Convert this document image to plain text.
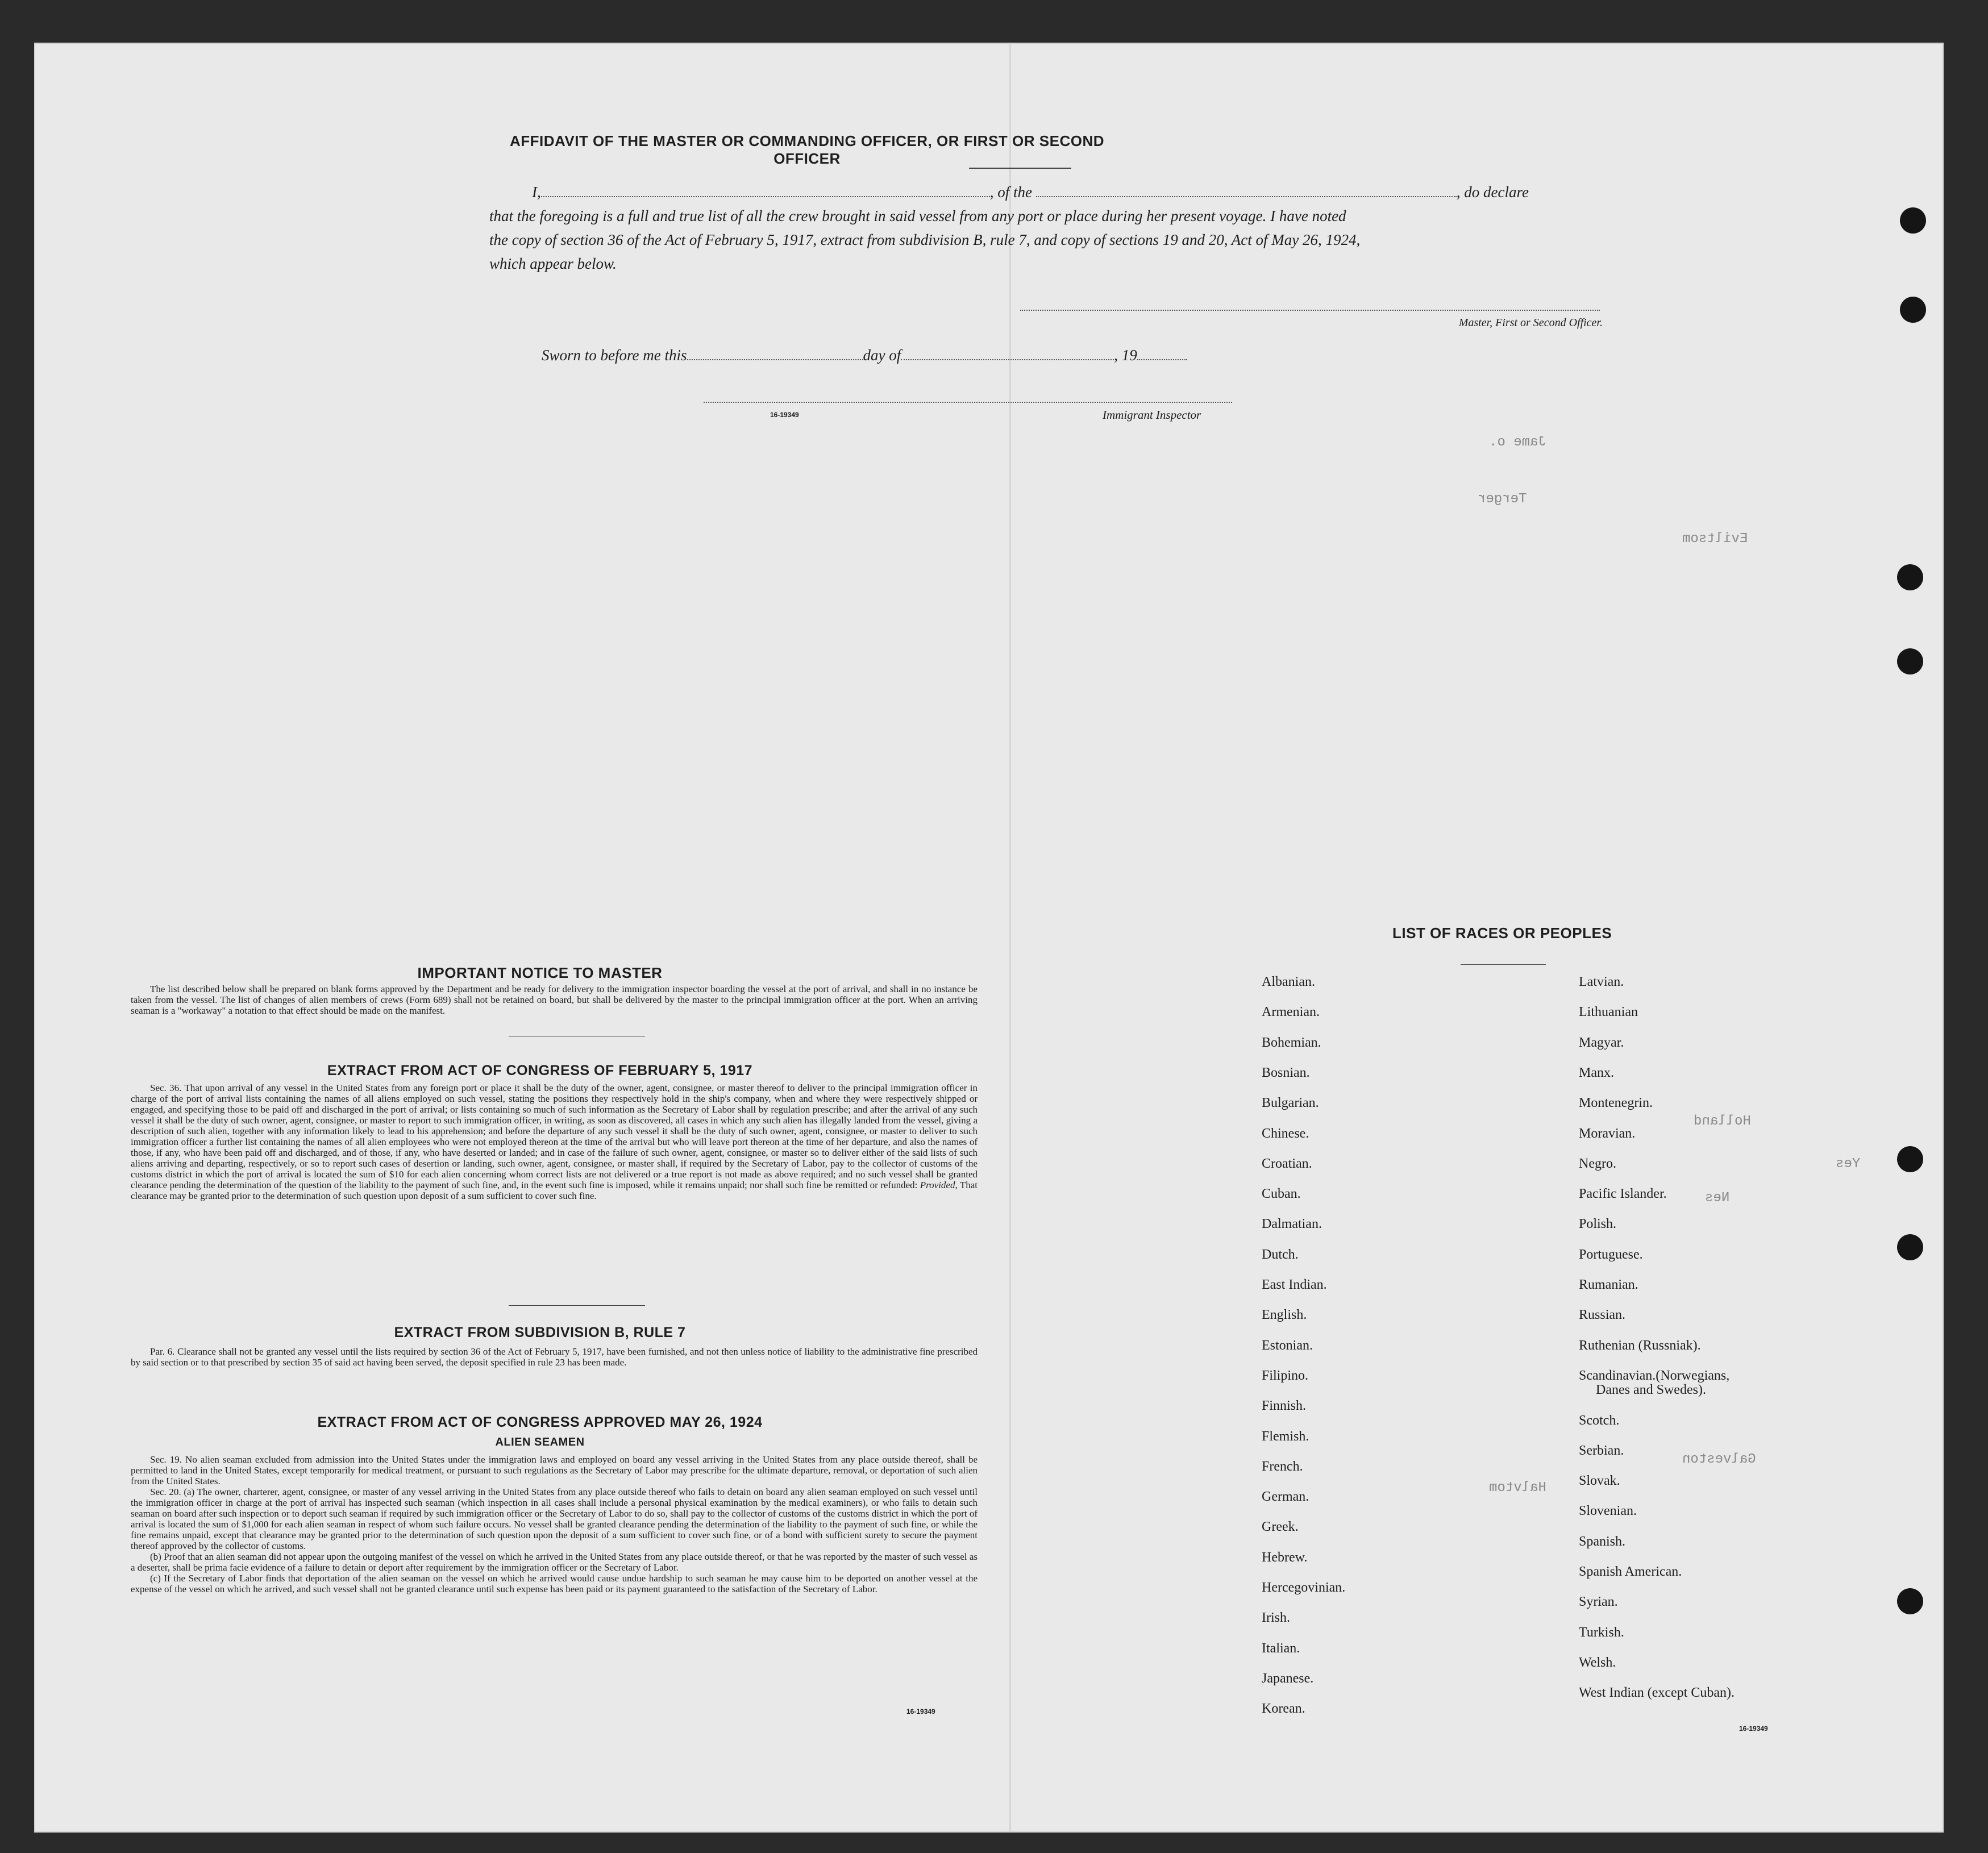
AFFIDAVIT OF THE MASTER OR COMMANDING OFFICER, OR FIRST OR SECOND OFFICER
I,	, of the	, do declare
that the foregoing is a full and true list of all the crew brought in said vessel from any port or place during her present voyage. I have noted
the copy of section 36 of the Act of February 5, 1917, extract from subdivision B, rule 7, and copy of sections 19 and 20, Act of May 26, 1924,
which appear below.
Master, First or Second Officer.
Sworn to before me this	day of	, 19
16-19349	Immigrant Inspector
Jame o.
Terger
Eviltsom
Holland
Yes
Nes
Galveston
Halvtom
IMPORTANT NOTICE TO MASTER

The list described below shall be prepared on blank forms approved by the Department and be ready for delivery to the immigration inspector boarding the vessel at the port of arrival, and shall in no instance be taken from the vessel. The list of changes of alien members of crews (Form 689) shall not be retained on board, but shall be delivered by the master to the principal immigration officer at the port. When an arriving seaman is a "workaway" a notation to that effect should be made on the manifest.

EXTRACT FROM ACT OF CONGRESS OF FEBRUARY 5, 1917

Sec. 36. That upon arrival of any vessel in the United States from any foreign port or place it shall be the duty of the owner, agent, consignee, or master thereof to deliver to the principal immigration officer in charge of the port of arrival lists containing the names of all aliens employed on such vessel, stating the positions they respectively hold in the ship's company, when and where they were respectively shipped or engaged, and specifying those to be paid off and discharged in the port of arrival; or lists containing so much of such information as the Secretary of Labor shall by regulation prescribe; and after the arrival of any such vessel it shall be the duty of such owner, agent, consignee, or master to report to such immigration officer, in writing, as soon as discovered, all cases in which any such alien has illegally landed from the vessel, giving a description of such alien, together with any information likely to lead to his apprehension; and before the departure of any such vessel it shall be the duty of such owner, agent, consignee, or master to deliver to such immigration officer a further list containing the names of all alien employees who were not employed thereon at the time of the arrival but who will leave port thereon at the time of her departure, and also the names of those, if any, who have been paid off and discharged, and of those, if any, who have deserted or landed; and in case of the failure of such owner, agent, consignee, or master so to deliver either of the said lists of such aliens arriving and departing, respectively, or so to report such cases of desertion or landing, such owner, agent, consignee, or master shall, if required by the Secretary of Labor, pay to the collector of customs of the customs district in which the port of arrival is located the sum of $10 for each alien concerning whom correct lists are not delivered or a true report is not made as above required; and no such vessel shall be granted clearance pending the determination of the question of the liability to the payment of such fine, and, in the event such fine is imposed, while it remains unpaid; nor shall such fine be remitted or refunded: Provided, That clearance may be granted prior to the determination of such question upon deposit of a sum sufficient to cover such fine.

EXTRACT FROM SUBDIVISION B, RULE 7

Par. 6. Clearance shall not be granted any vessel until the lists required by section 36 of the Act of February 5, 1917, have been furnished, and not then unless notice of liability to the administrative fine prescribed by said section or to that prescribed by section 35 of said act having been served, the deposit specified in rule 23 has been made.

EXTRACT FROM ACT OF CONGRESS APPROVED MAY 26, 1924
ALIEN SEAMEN

Sec. 19. No alien seaman excluded from admission into the United States under the immigration laws and employed on board any vessel arriving in the United States from any place outside thereof, shall be permitted to land in the United States, except temporarily for medical treatment, or pursuant to such regulations as the Secretary of Labor may prescribe for the ultimate departure, removal, or deportation of such alien from the United States.

Sec. 20. (a) The owner, charterer, agent, consignee, or master of any vessel arriving in the United States from any place outside thereof who fails to detain on board any alien seaman employed on such vessel until the immigration officer in charge at the port of arrival has inspected such seaman (which inspection in all cases shall include a personal physical examination by the medical examiners), or who fails to detain such seaman on board after such inspection or to deport such seaman if required by such immigration officer or the Secretary of Labor to do so, shall pay to the collector of customs of the customs district in which the port of arrival is located the sum of $1,000 for each alien seaman in respect of whom such failure occurs. No vessel shall be granted clearance pending the determination of the liability to the payment of such fine, or while the fine remains unpaid, except that clearance may be granted prior to the determination of such question upon the deposit of a sum sufficient to cover such fine, or of a bond with sufficient surety to secure the payment thereof approved by the collector of customs.

(b) Proof that an alien seaman did not appear upon the outgoing manifest of the vessel on which he arrived in the United States from any place outside thereof, or that he was reported by the master of such vessel as a deserter, shall be prima facie evidence of a failure to detain or deport after requirement by the immigration officer or the Secretary of Labor.

(c) If the Secretary of Labor finds that deportation of the alien seaman on the vessel on which he arrived would cause undue hardship to such seaman he may cause him to be deported on another vessel at the expense of the vessel on which he arrived, and such vessel shall not be granted clearance until such expense has been paid or its payment guaranteed to the satisfaction of the Secretary of Labor.

16-19349
LIST OF RACES OR PEOPLES
Albanian.
Armenian.
Bohemian.
Bosnian.
Bulgarian.
Chinese.
Croatian.
Cuban.
Dalmatian.
Dutch.
East Indian.
English.
Estonian.
Filipino.
Finnish.
Flemish.
French.
German.
Greek.
Hebrew.
Hercegovinian.
Irish.
Italian.
Japanese.
Korean.
Latvian.
Lithuanian
Magyar.
Manx.
Montenegrin.
Moravian.
Negro.
Pacific Islander.
Polish.
Portuguese.
Rumanian.
Russian.
Ruthenian (Russniak).
Scandinavian.(Norwegians,
Danes and Swedes).
Scotch.
Serbian.
Slovak.
Slovenian.
Spanish.
Spanish American.
Syrian.
Turkish.
Welsh.
West Indian (except Cuban).
16-19349
